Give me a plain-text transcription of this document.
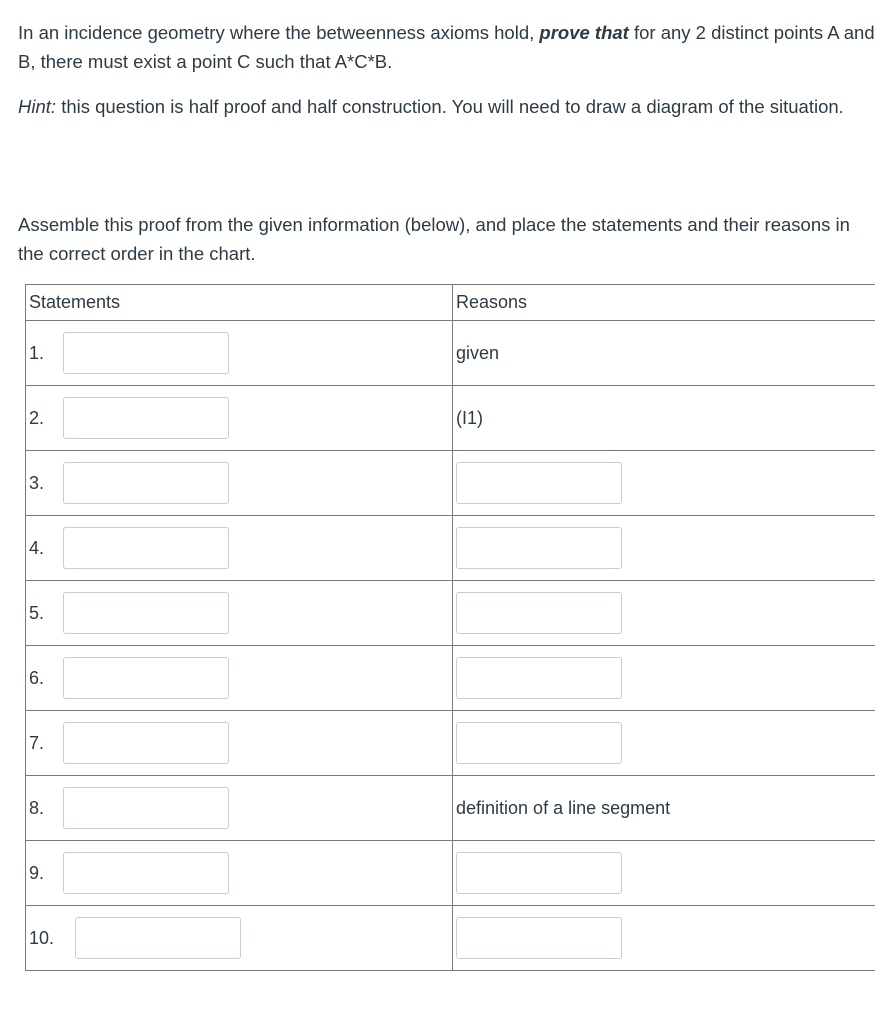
In an incidence geometry where the betweenness axioms hold, prove that for any 2 distinct points A and B, there must exist a point C such that A*C*B.

Hint: this question is half proof and half construction. You will need to draw a diagram of the situation.

Assemble this proof from the given information (below), and place the statements and their reasons in the correct order in the chart.

Statements	Reasons

1.	given

2.	(I1)

3.	

4.	

5.	

6.	

7.	

8.	definition of a line segment

9.	

10.	
